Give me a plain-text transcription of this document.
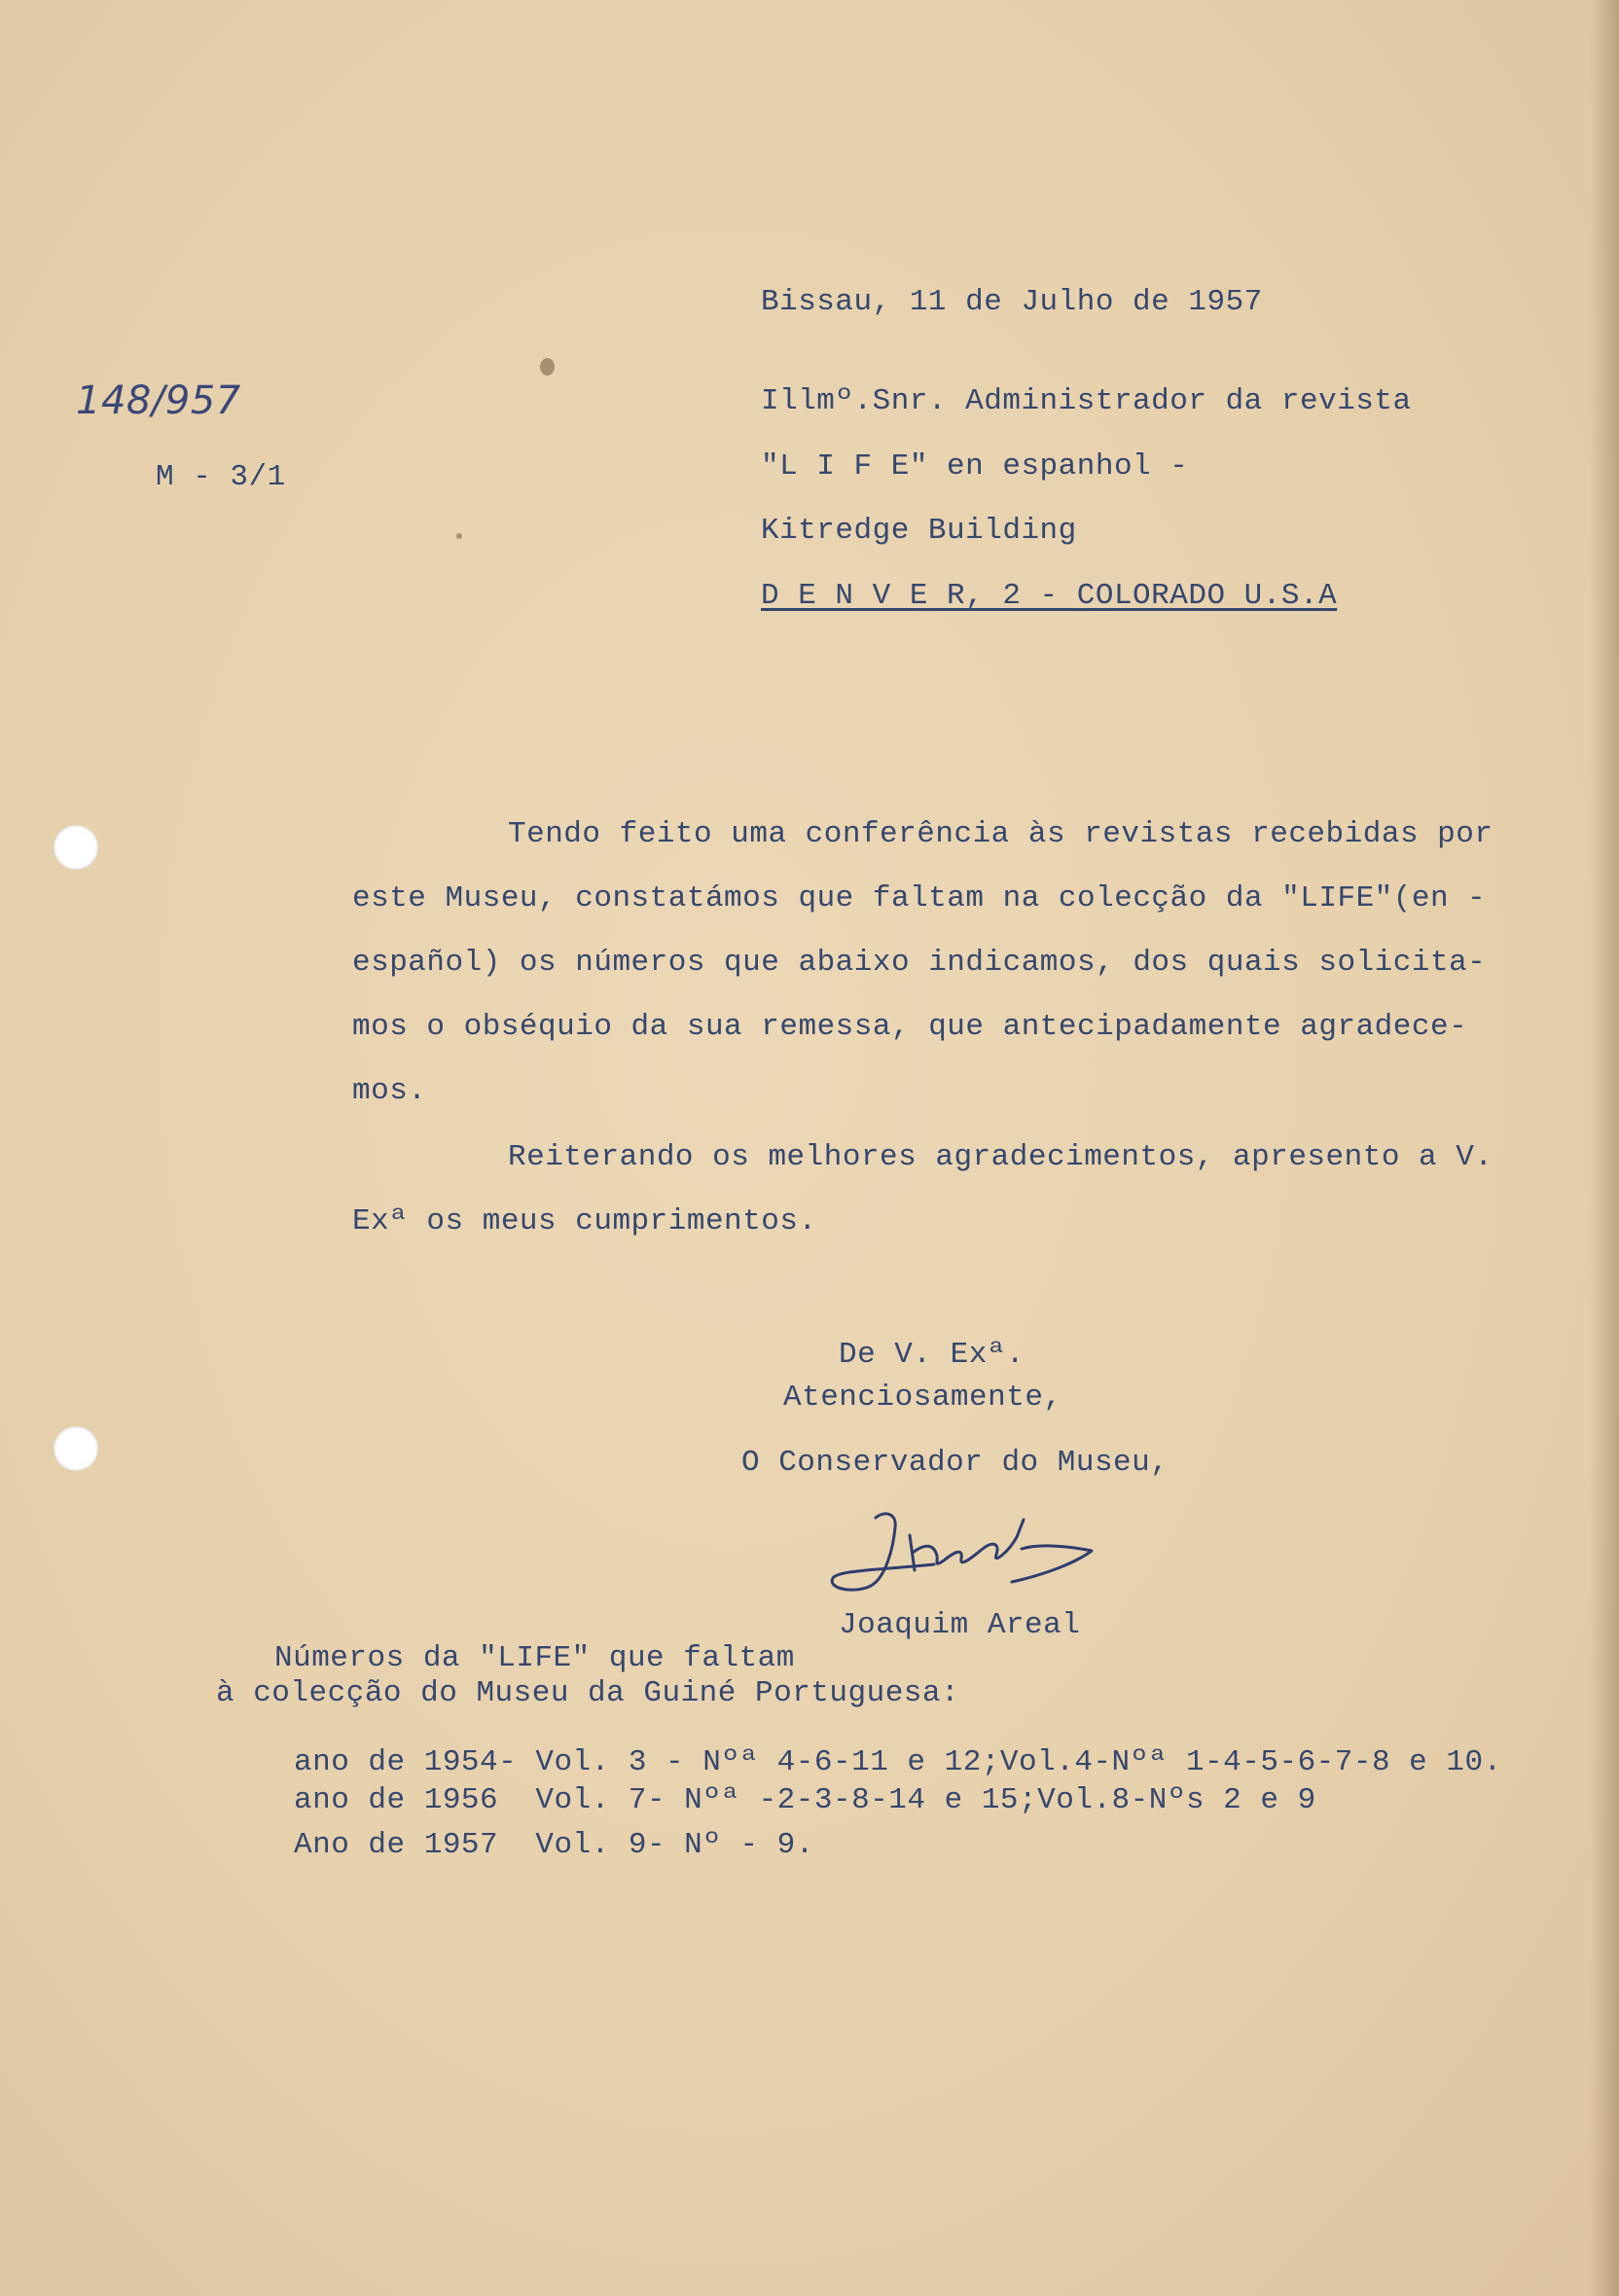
148/957
M - 3/1
Bissau, 11 de Julho de 1957
Illmº.Snr. Administrador da revista
"L I F E" en espanhol -
Kitredge Building
D E N V E R, 2 - COLORADO U.S.A
Tendo feito uma conferência às revistas recebidas por
este Museu, constatámos que faltam na colecção da "LIFE"(en -
español) os números que abaixo indicamos, dos quais solicita-
mos o obséquio da sua remessa, que antecipadamente agradece-
mos.
Reiterando os melhores agradecimentos, apresento a V.
Exª os meus cumprimentos.
De V. Exª.
Atenciosamente,
O Conservador do Museu,
Joaquim Areal
Números da "LIFE" que faltam
à colecção do Museu da Guiné Portuguesa:
ano de 1954- Vol. 3 - Nºª 4-6-11 e 12;Vol.4-Nºª 1-4-5-6-7-8 e 10.
ano de 1956  Vol. 7- Nºª -2-3-8-14 e 15;Vol.8-Nºs 2 e 9
Ano de 1957  Vol. 9- Nº - 9.
